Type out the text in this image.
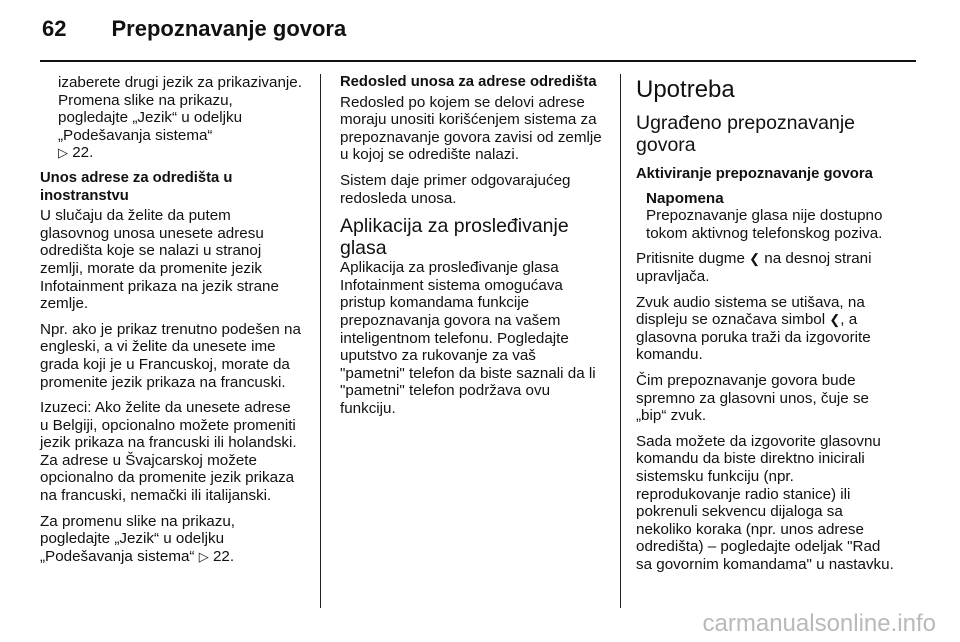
62 Prepoznavanje govora

izaberete drugi jezik za prikazivanje. Promena slike na prikazu, pogledajte „Jezik“ u odeljku „Podešavanja sistema“
▷ 22.

Unos adrese za odredišta u inostranstvu

U slučaju da želite da putem glasovnog unosa unesete adresu odredišta koje se nalazi u stranoj zemlji, morate da promenite jezik Infotainment prikaza na jezik strane zemlje.

Npr. ako je prikaz trenutno podešen na engleski, a vi želite da unesete ime grada koji je u Francuskoj, morate da promenite jezik prikaza na francuski.

Izuzeci: Ako želite da unesete adrese u Belgiji, opcionalno možete promeniti jezik prikaza na francuski ili holandski. Za adrese u Švajcarskoj možete opcionalno da promenite jezik prikaza na francuski, nemački ili italijanski.

Za promenu slike na prikazu, pogledajte „Jezik“ u odeljku „Podešavanja sistema“ ▷ 22.

Redosled unosa za adrese odredišta

Redosled po kojem se delovi adrese moraju unositi korišćenjem sistema za prepoznavanje govora zavisi od zemlje u kojoj se odredište nalazi.

Sistem daje primer odgovarajućeg redosleda unosa.

Aplikacija za prosleđivanje glasa

Aplikacija za prosleđivanje glasa Infotainment sistema omogućava pristup komandama funkcije prepoznavanja govora na vašem inteligentnom telefonu. Pogledajte uputstvo za rukovanje za vaš "pametni" telefon da biste saznali da li "pametni" telefon podržava ovu funkciju.

Upotreba
Ugrađeno prepoznavanje govora
Aktiviranje prepoznavanje govora
Napomena
Prepoznavanje glasa nije dostupno tokom aktivnog telefonskog poziva.

Pritisnite dugme ❮ na desnoj strani upravljača.

Zvuk audio sistema se utišava, na displeju se označava simbol ❮, a glasovna poruka traži da izgovorite komandu.

Čim prepoznavanje govora bude spremno za glasovni unos, čuje se „bip“ zvuk.

Sada možete da izgovorite glasovnu komandu da biste direktno inicirali sistemsku funkciju (npr. reprodukovanje radio stanice) ili pokrenuli sekvencu dijaloga sa nekoliko koraka (npr. unos adrese odredišta) – pogledajte odeljak "Rad sa govornim komandama" u nastavku.

carmanualsonline.info
